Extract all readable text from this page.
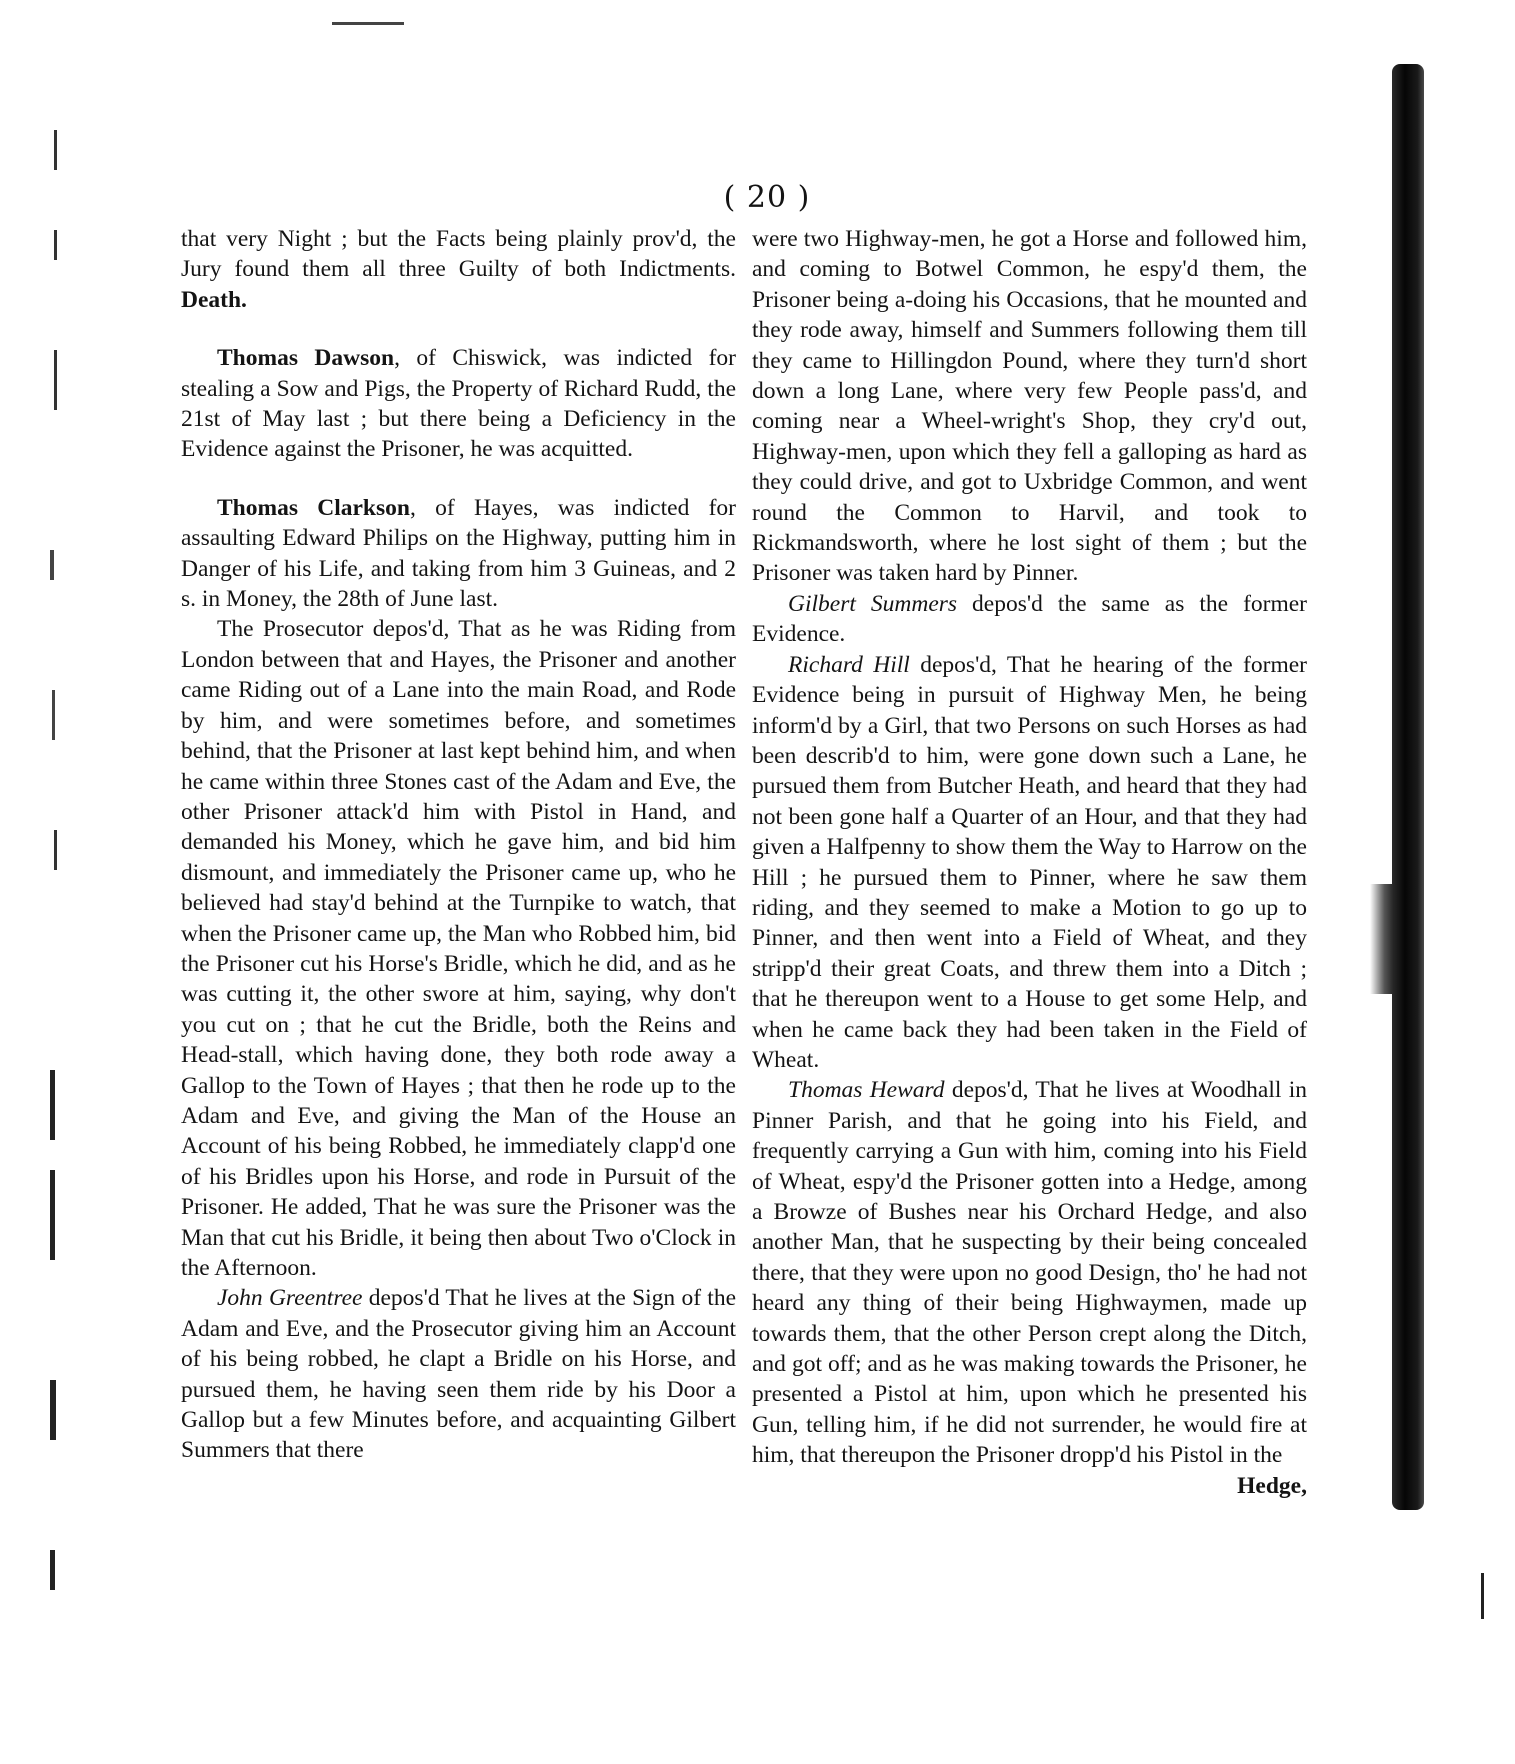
( 20 )

that very Night ; but the Facts being plainly prov'd, the Jury found them all three Guilty of both Indictments. Death.

Thomas Dawson, of Chiswick, was indicted for stealing a Sow and Pigs, the Property of Richard Rudd, the 21st of May last ; but there being a Deficiency in the Evidence against the Prisoner, he was acquitted.

Thomas Clarkson, of Hayes, was indicted for assaulting Edward Philips on the Highway, putting him in Danger of his Life, and taking from him 3 Guineas, and 2 s. in Money, the 28th of June last.

The Prosecutor depos'd, That as he was Riding from London between that and Hayes, the Prisoner and another came Riding out of a Lane into the main Road, and Rode by him, and were sometimes before, and sometimes behind, that the Prisoner at last kept behind him, and when he came within three Stones cast of the Adam and Eve, the other Prisoner attack'd him with Pistol in Hand, and demanded his Money, which he gave him, and bid him dismount, and immediately the Prisoner came up, who he believed had stay'd behind at the Turnpike to watch, that when the Prisoner came up, the Man who Robbed him, bid the Prisoner cut his Horse's Bridle, which he did, and as he was cutting it, the other swore at him, saying, why don't you cut on ; that he cut the Bridle, both the Reins and Head-stall, which having done, they both rode away a Gallop to the Town of Hayes ; that then he rode up to the Adam and Eve, and giving the Man of the House an Account of his being Robbed, he immediately clapp'd one of his Bridles upon his Horse, and rode in Pursuit of the Prisoner. He added, That he was sure the Prisoner was the Man that cut his Bridle, it being then about Two o'Clock in the Afternoon.

John Greentree depos'd That he lives at the Sign of the Adam and Eve, and the Prosecutor giving him an Account of his being robbed, he clapt a Bridle on his Horse, and pursued them, he having seen them ride by his Door a Gallop but a few Minutes before, and acquainting Gilbert Summers that there

were two Highway-men, he got a Horse and followed him, and coming to Botwel Common, he espy'd them, the Prisoner being a-doing his Occasions, that he mounted and they rode away, himself and Summers following them till they came to Hillingdon Pound, where they turn'd short down a long Lane, where very few People pass'd, and coming near a Wheel-wright's Shop, they cry'd out, Highway-men, upon which they fell a galloping as hard as they could drive, and got to Uxbridge Common, and went round the Common to Harvil, and took to Rickmandsworth, where he lost sight of them ; but the Prisoner was taken hard by Pinner.

Gilbert Summers depos'd the same as the former Evidence.

Richard Hill depos'd, That he hearing of the former Evidence being in pursuit of Highway Men, he being inform'd by a Girl, that two Persons on such Horses as had been describ'd to him, were gone down such a Lane, he pursued them from Butcher Heath, and heard that they had not been gone half a Quarter of an Hour, and that they had given a Halfpenny to show them the Way to Harrow on the Hill ; he pursued them to Pinner, where he saw them riding, and they seemed to make a Motion to go up to Pinner, and then went into a Field of Wheat, and they stripp'd their great Coats, and threw them into a Ditch ; that he thereupon went to a House to get some Help, and when he came back they had been taken in the Field of Wheat.

Thomas Heward depos'd, That he lives at Woodhall in Pinner Parish, and that he going into his Field, and frequently carrying a Gun with him, coming into his Field of Wheat, espy'd the Prisoner gotten into a Hedge, among a Browze of Bushes near his Orchard Hedge, and also another Man, that he suspecting by their being concealed there, that they were upon no good Design, tho' he had not heard any thing of their being Highwaymen, made up towards them, that the other Person crept along the Ditch, and got off; and as he was making towards the Prisoner, he presented a Pistol at him, upon which he presented his Gun, telling him, if he did not surrender, he would fire at him, that thereupon the Prisoner dropp'd his Pistol in the

Hedge,
